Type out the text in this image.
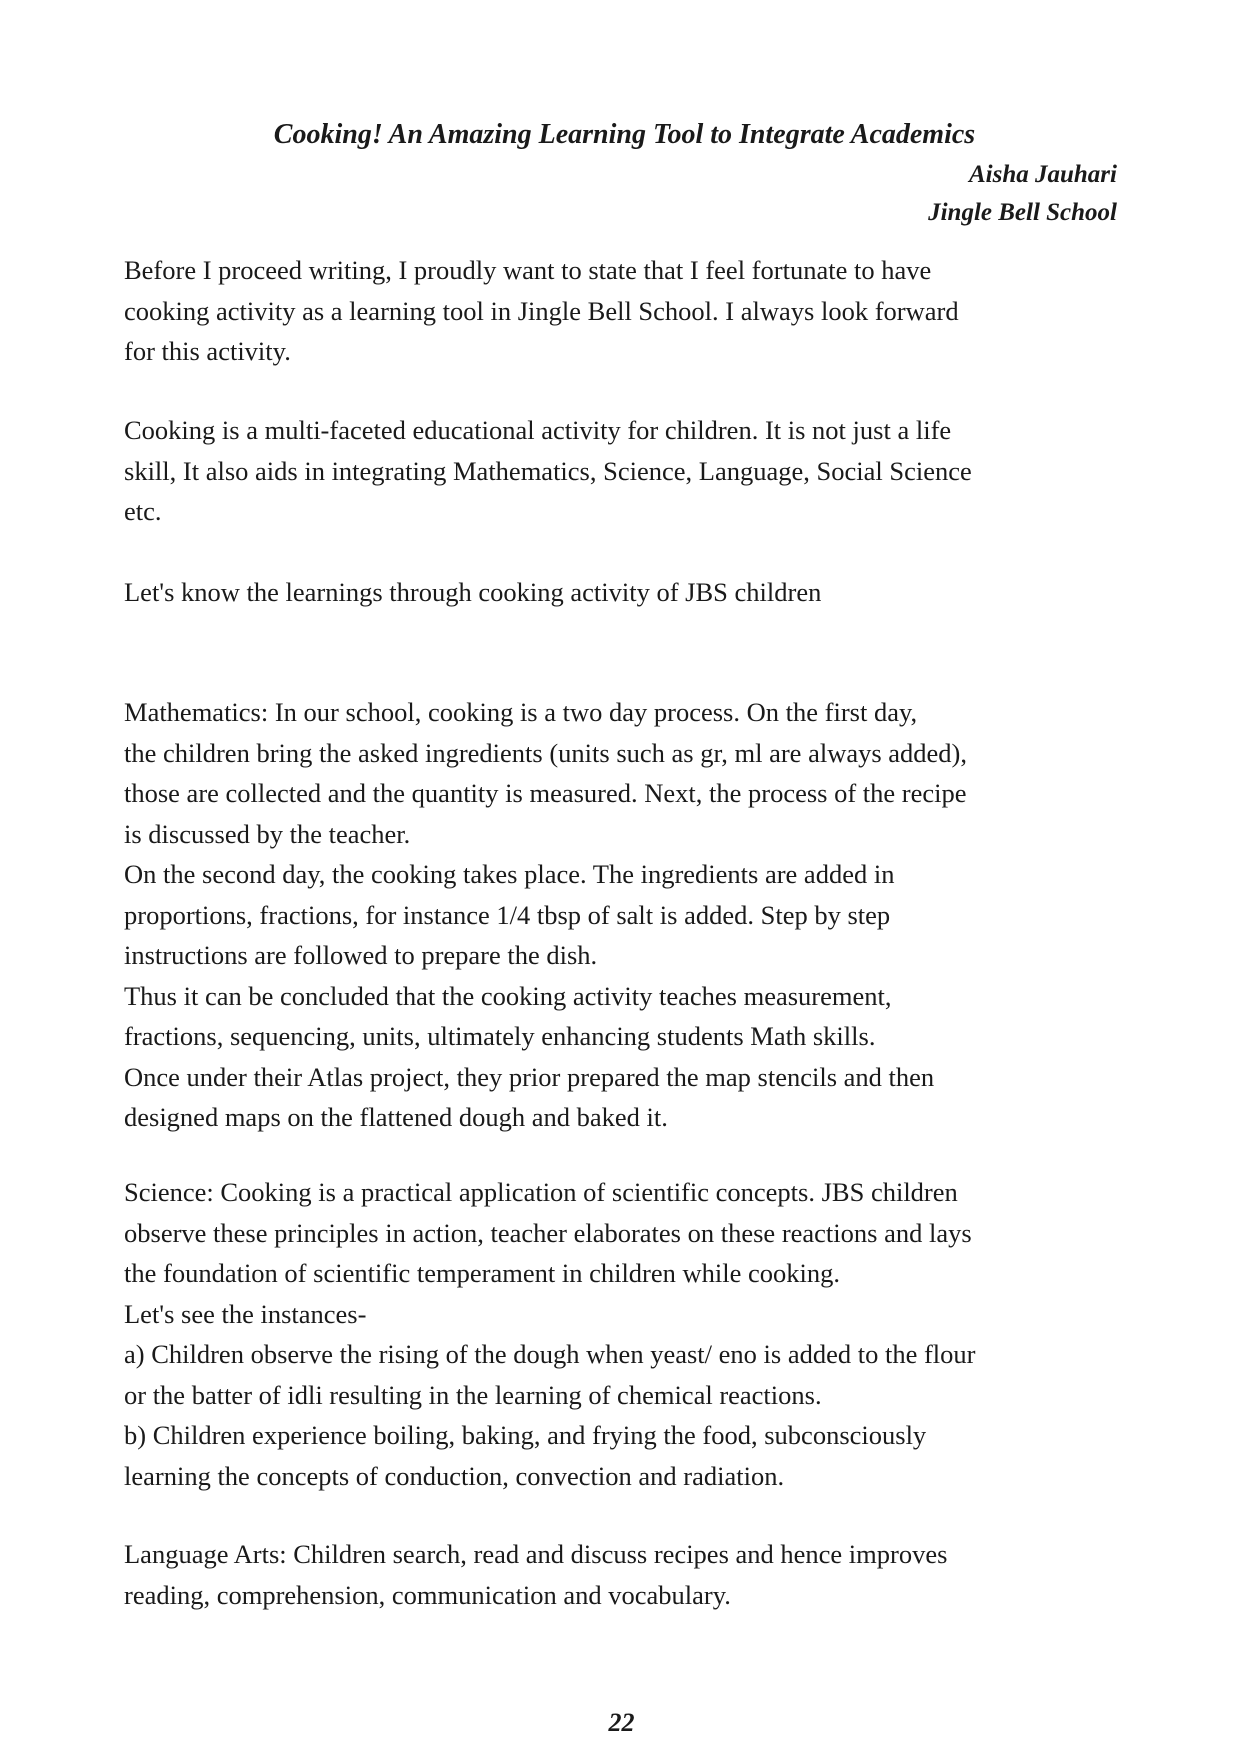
Cooking! An Amazing Learning Tool to Integrate Academics
Aisha Jauhari
Jingle Bell School

Before I proceed writing, I proudly want to state that I feel fortunate to have
cooking activity as a learning tool in Jingle Bell School. I always look forward
for this activity.

Cooking is a multi-faceted educational activity for children. It is not just a life
skill, It also aids in integrating Mathematics, Science, Language, Social Science
etc.

Let's know the learnings through cooking activity of JBS children

Mathematics: In our school, cooking is a two day process. On the first day,
the children bring the asked ingredients (units such as gr, ml are always added),
those are collected and the quantity is measured. Next, the process of the recipe
is discussed by the teacher.
On the second day, the cooking takes place. The ingredients are added in
proportions, fractions, for instance 1/4 tbsp of salt is added. Step by step
instructions are followed to prepare the dish.
Thus it can be concluded that the cooking activity teaches measurement,
fractions, sequencing, units, ultimately enhancing students Math skills.
Once under their Atlas project, they prior prepared the map stencils and then
designed maps on the flattened dough and baked it.

Science: Cooking is a practical application of scientific concepts. JBS children
observe these principles in action, teacher elaborates on these reactions and lays
the foundation of scientific temperament in children while cooking.
Let's see the instances-
a) Children observe the rising of the dough when yeast/ eno is added to the flour
or the batter of idli resulting in the learning of chemical reactions.
b) Children experience boiling, baking, and frying the food, subconsciously
learning the concepts of conduction, convection and radiation.

Language Arts: Children search, read and discuss recipes and hence improves
reading, comprehension, communication and vocabulary.

22
